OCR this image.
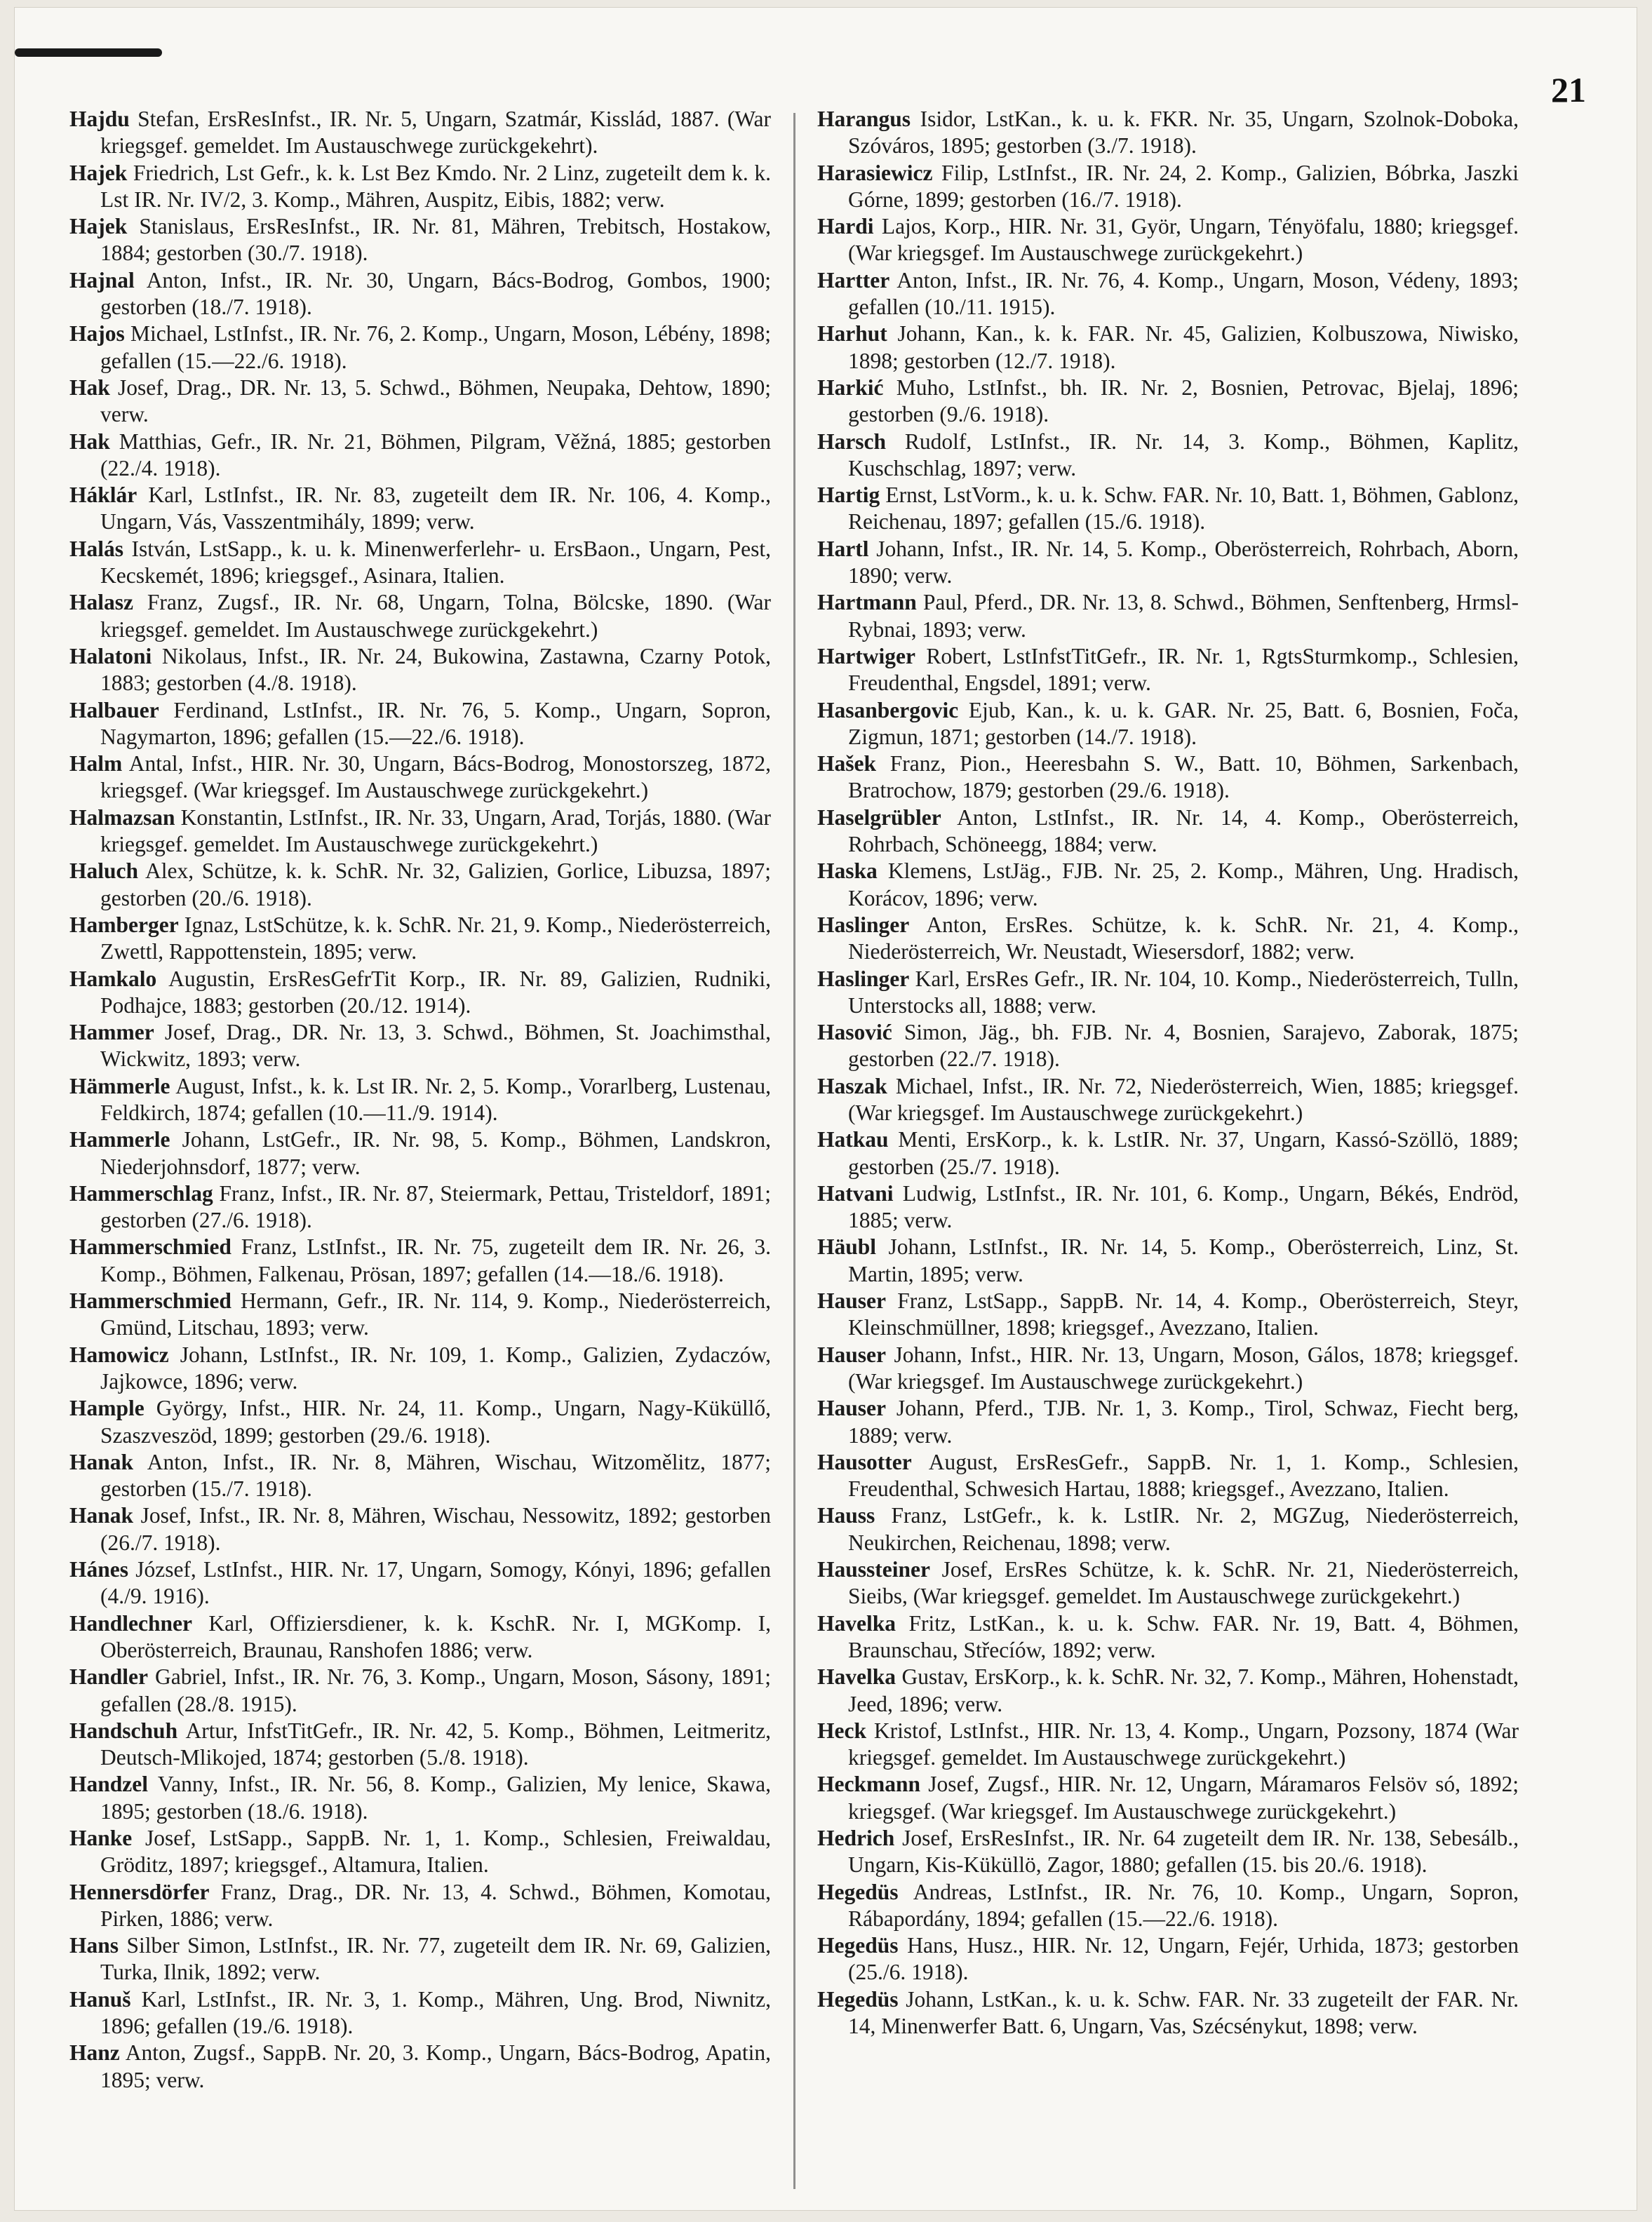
21

Hajdu Stefan, ErsResInfst., IR. Nr. 5, Ungarn, Szatmár, Kisslád, 1887. (War kriegsgef. gemeldet. Im Austauschwege zurückgekehrt).

Hajek Friedrich, Lst Gefr., k. k. Lst Bez Kmdo. Nr. 2 Linz, zugeteilt dem k. k. Lst IR. Nr. IV/2, 3. Komp., Mähren, Auspitz, Eibis, 1882; verw.

Hajek Stanislaus, ErsResInfst., IR. Nr. 81, Mähren, Trebitsch, Hostakow, 1884; gestorben (30./7. 1918).

Hajnal Anton, Infst., IR. Nr. 30, Ungarn, Bács-Bodrog, Gombos, 1900; gestorben (18./7. 1918).

Hajos Michael, LstInfst., IR. Nr. 76, 2. Komp., Ungarn, Moson, Lébény, 1898; gefallen (15.—22./6. 1918).

Hak Josef, Drag., DR. Nr. 13, 5. Schwd., Böhmen, Neupaka, Dehtow, 1890; verw.

Hak Matthias, Gefr., IR. Nr. 21, Böhmen, Pilgram, Věžná, 1885; gestorben (22./4. 1918).

Háklár Karl, LstInfst., IR. Nr. 83, zugeteilt dem IR. Nr. 106, 4. Komp., Ungarn, Vás, Vasszentmihály, 1899; verw.

Halás István, LstSapp., k. u. k. Minenwerferlehr- u. ErsBaon., Ungarn, Pest, Kecskemét, 1896; kriegsgef., Asinara, Italien.

Halasz Franz, Zugsf., IR. Nr. 68, Ungarn, Tolna, Bölcske, 1890. (War kriegsgef. gemeldet. Im Austauschwege zurückgekehrt.)

Halatoni Nikolaus, Infst., IR. Nr. 24, Bukowina, Zastawna, Czarny Potok, 1883; gestorben (4./8. 1918).

Halbauer Ferdinand, LstInfst., IR. Nr. 76, 5. Komp., Ungarn, Sopron, Nagymarton, 1896; gefallen (15.—22./6. 1918).

Halm Antal, Infst., HIR. Nr. 30, Ungarn, Bács-Bodrog, Monostorszeg, 1872, kriegsgef. (War kriegsgef. Im Austauschwege zurückgekehrt.)

Halmazsan Konstantin, LstInfst., IR. Nr. 33, Ungarn, Arad, Torjás, 1880. (War kriegsgef. gemeldet. Im Austauschwege zurückgekehrt.)

Haluch Alex, Schütze, k. k. SchR. Nr. 32, Galizien, Gorlice, Libuzsa, 1897; gestorben (20./6. 1918).

Hamberger Ignaz, LstSchütze, k. k. SchR. Nr. 21, 9. Komp., Niederösterreich, Zwettl, Rappottenstein, 1895; verw.

Hamkalo Augustin, ErsResGefrTit Korp., IR. Nr. 89, Galizien, Rudniki, Podhajce, 1883; gestorben (20./12. 1914).

Hammer Josef, Drag., DR. Nr. 13, 3. Schwd., Böhmen, St. Joachimsthal, Wickwitz, 1893; verw.

Hämmerle August, Infst., k. k. Lst IR. Nr. 2, 5. Komp., Vorarlberg, Lustenau, Feldkirch, 1874; gefallen (10.—11./9. 1914).

Hammerle Johann, LstGefr., IR. Nr. 98, 5. Komp., Böhmen, Landskron, Niederjohnsdorf, 1877; verw.

Hammerschlag Franz, Infst., IR. Nr. 87, Steiermark, Pettau, Tristeldorf, 1891; gestorben (27./6. 1918).

Hammerschmied Franz, LstInfst., IR. Nr. 75, zugeteilt dem IR. Nr. 26, 3. Komp., Böhmen, Falkenau, Prösan, 1897; gefallen (14.—18./6. 1918).

Hammerschmied Hermann, Gefr., IR. Nr. 114, 9. Komp., Niederösterreich, Gmünd, Litschau, 1893; verw.

Hamowicz Johann, LstInfst., IR. Nr. 109, 1. Komp., Galizien, Zydaczów, Jajkowce, 1896; verw.

Hample György, Infst., HIR. Nr. 24, 11. Komp., Ungarn, Nagy-Küküllő, Szaszveszöd, 1899; gestorben (29./6. 1918).

Hanak Anton, Infst., IR. Nr. 8, Mähren, Wischau, Witzomělitz, 1877; gestorben (15./7. 1918).

Hanak Josef, Infst., IR. Nr. 8, Mähren, Wischau, Nessowitz, 1892; gestorben (26./7. 1918).

Hánes József, LstInfst., HIR. Nr. 17, Ungarn, Somogy, Kónyi, 1896; gefallen (4./9. 1916).

Handlechner Karl, Offiziersdiener, k. k. KschR. Nr. I, MGKomp. I, Oberösterreich, Braunau, Ranshofen 1886; verw.

Handler Gabriel, Infst., IR. Nr. 76, 3. Komp., Ungarn, Moson, Sásony, 1891; gefallen (28./8. 1915).

Handschuh Artur, InfstTitGefr., IR. Nr. 42, 5. Komp., Böhmen, Leitmeritz, Deutsch-Mlikojed, 1874; gestorben (5./8. 1918).

Handzel Vanny, Infst., IR. Nr. 56, 8. Komp., Galizien, My lenice, Skawa, 1895; gestorben (18./6. 1918).

Hanke Josef, LstSapp., SappB. Nr. 1, 1. Komp., Schlesien, Freiwaldau, Gröditz, 1897; kriegsgef., Altamura, Italien.

Hennersdörfer Franz, Drag., DR. Nr. 13, 4. Schwd., Böhmen, Komotau, Pirken, 1886; verw.

Hans Silber Simon, LstInfst., IR. Nr. 77, zugeteilt dem IR. Nr. 69, Galizien, Turka, Ilnik, 1892; verw.

Hanuš Karl, LstInfst., IR. Nr. 3, 1. Komp., Mähren, Ung. Brod, Niwnitz, 1896; gefallen (19./6. 1918).

Hanz Anton, Zugsf., SappB. Nr. 20, 3. Komp., Ungarn, Bács-Bodrog, Apatin, 1895; verw.

Harangus Isidor, LstKan., k. u. k. FKR. Nr. 35, Ungarn, Szolnok-Doboka, Szóváros, 1895; gestorben (3./7. 1918).

Harasiewicz Filip, LstInfst., IR. Nr. 24, 2. Komp., Galizien, Bóbrka, Jaszki Górne, 1899; gestorben (16./7. 1918).

Hardi Lajos, Korp., HIR. Nr. 31, Györ, Ungarn, Tényöfalu, 1880; kriegsgef. (War kriegsgef. Im Austauschwege zurückgekehrt.)

Hartter Anton, Infst., IR. Nr. 76, 4. Komp., Ungarn, Moson, Védeny, 1893; gefallen (10./11. 1915).

Harhut Johann, Kan., k. k. FAR. Nr. 45, Galizien, Kolbuszowa, Niwisko, 1898; gestorben (12./7. 1918).

Harkić Muho, LstInfst., bh. IR. Nr. 2, Bosnien, Petrovac, Bjelaj, 1896; gestorben (9./6. 1918).

Harsch Rudolf, LstInfst., IR. Nr. 14, 3. Komp., Böhmen, Kaplitz, Kuschschlag, 1897; verw.

Hartig Ernst, LstVorm., k. u. k. Schw. FAR. Nr. 10, Batt. 1, Böhmen, Gablonz, Reichenau, 1897; gefallen (15./6. 1918).

Hartl Johann, Infst., IR. Nr. 14, 5. Komp., Oberösterreich, Rohrbach, Aborn, 1890; verw.

Hartmann Paul, Pferd., DR. Nr. 13, 8. Schwd., Böhmen, Senftenberg, Hrmsl-Rybnai, 1893; verw.

Hartwiger Robert, LstInfstTitGefr., IR. Nr. 1, RgtsSturmkomp., Schlesien, Freudenthal, Engsdel, 1891; verw.

Hasanbergovic Ejub, Kan., k. u. k. GAR. Nr. 25, Batt. 6, Bosnien, Foča, Zigmun, 1871; gestorben (14./7. 1918).

Hašek Franz, Pion., Heeresbahn S. W., Batt. 10, Böhmen, Sarkenbach, Bratrochow, 1879; gestorben (29./6. 1918).

Haselgrübler Anton, LstInfst., IR. Nr. 14, 4. Komp., Oberösterreich, Rohrbach, Schöneegg, 1884; verw.

Haska Klemens, LstJäg., FJB. Nr. 25, 2. Komp., Mähren, Ung. Hradisch, Korácov, 1896; verw.

Haslinger Anton, ErsRes. Schütze, k. k. SchR. Nr. 21, 4. Komp., Niederösterreich, Wr. Neustadt, Wiesersdorf, 1882; verw.

Haslinger Karl, ErsRes Gefr., IR. Nr. 104, 10. Komp., Niederösterreich, Tulln, Unterstocks all, 1888; verw.

Hasović Simon, Jäg., bh. FJB. Nr. 4, Bosnien, Sarajevo, Zaborak, 1875; gestorben (22./7. 1918).

Haszak Michael, Infst., IR. Nr. 72, Niederösterreich, Wien, 1885; kriegsgef. (War kriegsgef. Im Austauschwege zurückgekehrt.)

Hatkau Menti, ErsKorp., k. k. LstIR. Nr. 37, Ungarn, Kassó-Szöllö, 1889; gestorben (25./7. 1918).

Hatvani Ludwig, LstInfst., IR. Nr. 101, 6. Komp., Ungarn, Békés, Endröd, 1885; verw.

Häubl Johann, LstInfst., IR. Nr. 14, 5. Komp., Oberösterreich, Linz, St. Martin, 1895; verw.

Hauser Franz, LstSapp., SappB. Nr. 14, 4. Komp., Oberösterreich, Steyr, Kleinschmüllner, 1898; kriegsgef., Avezzano, Italien.

Hauser Johann, Infst., HIR. Nr. 13, Ungarn, Moson, Gálos, 1878; kriegsgef. (War kriegsgef. Im Austauschwege zurückgekehrt.)

Hauser Johann, Pferd., TJB. Nr. 1, 3. Komp., Tirol, Schwaz, Fiecht berg, 1889; verw.

Hausotter August, ErsResGefr., SappB. Nr. 1, 1. Komp., Schlesien, Freudenthal, Schwesich Hartau, 1888; kriegsgef., Avezzano, Italien.

Hauss Franz, LstGefr., k. k. LstIR. Nr. 2, MGZug, Niederösterreich, Neukirchen, Reichenau, 1898; verw.

Haussteiner Josef, ErsRes Schütze, k. k. SchR. Nr. 21, Niederösterreich, Sieibs, (War kriegsgef. gemeldet. Im Austauschwege zurückgekehrt.)

Havelka Fritz, LstKan., k. u. k. Schw. FAR. Nr. 19, Batt. 4, Böhmen, Braunschau, Střecíów, 1892; verw.

Havelka Gustav, ErsKorp., k. k. SchR. Nr. 32, 7. Komp., Mähren, Hohenstadt, Jeed, 1896; verw.

Heck Kristof, LstInfst., HIR. Nr. 13, 4. Komp., Ungarn, Pozsony, 1874 (War kriegsgef. gemeldet. Im Austauschwege zurückgekehrt.)

Heckmann Josef, Zugsf., HIR. Nr. 12, Ungarn, Máramaros Felsöv só, 1892; kriegsgef. (War kriegsgef. Im Austauschwege zurückgekehrt.)

Hedrich Josef, ErsResInfst., IR. Nr. 64 zugeteilt dem IR. Nr. 138, Sebesálb., Ungarn, Kis-Küküllö, Zagor, 1880; gefallen (15. bis 20./6. 1918).

Hegedüs Andreas, LstInfst., IR. Nr. 76, 10. Komp., Ungarn, Sopron, Rábapordány, 1894; gefallen (15.—22./6. 1918).

Hegedüs Hans, Husz., HIR. Nr. 12, Ungarn, Fejér, Urhida, 1873; gestorben (25./6. 1918).

Hegedüs Johann, LstKan., k. u. k. Schw. FAR. Nr. 33 zugeteilt der FAR. Nr. 14, Minenwerfer Batt. 6, Ungarn, Vas, Szécsénykut, 1898; verw.
